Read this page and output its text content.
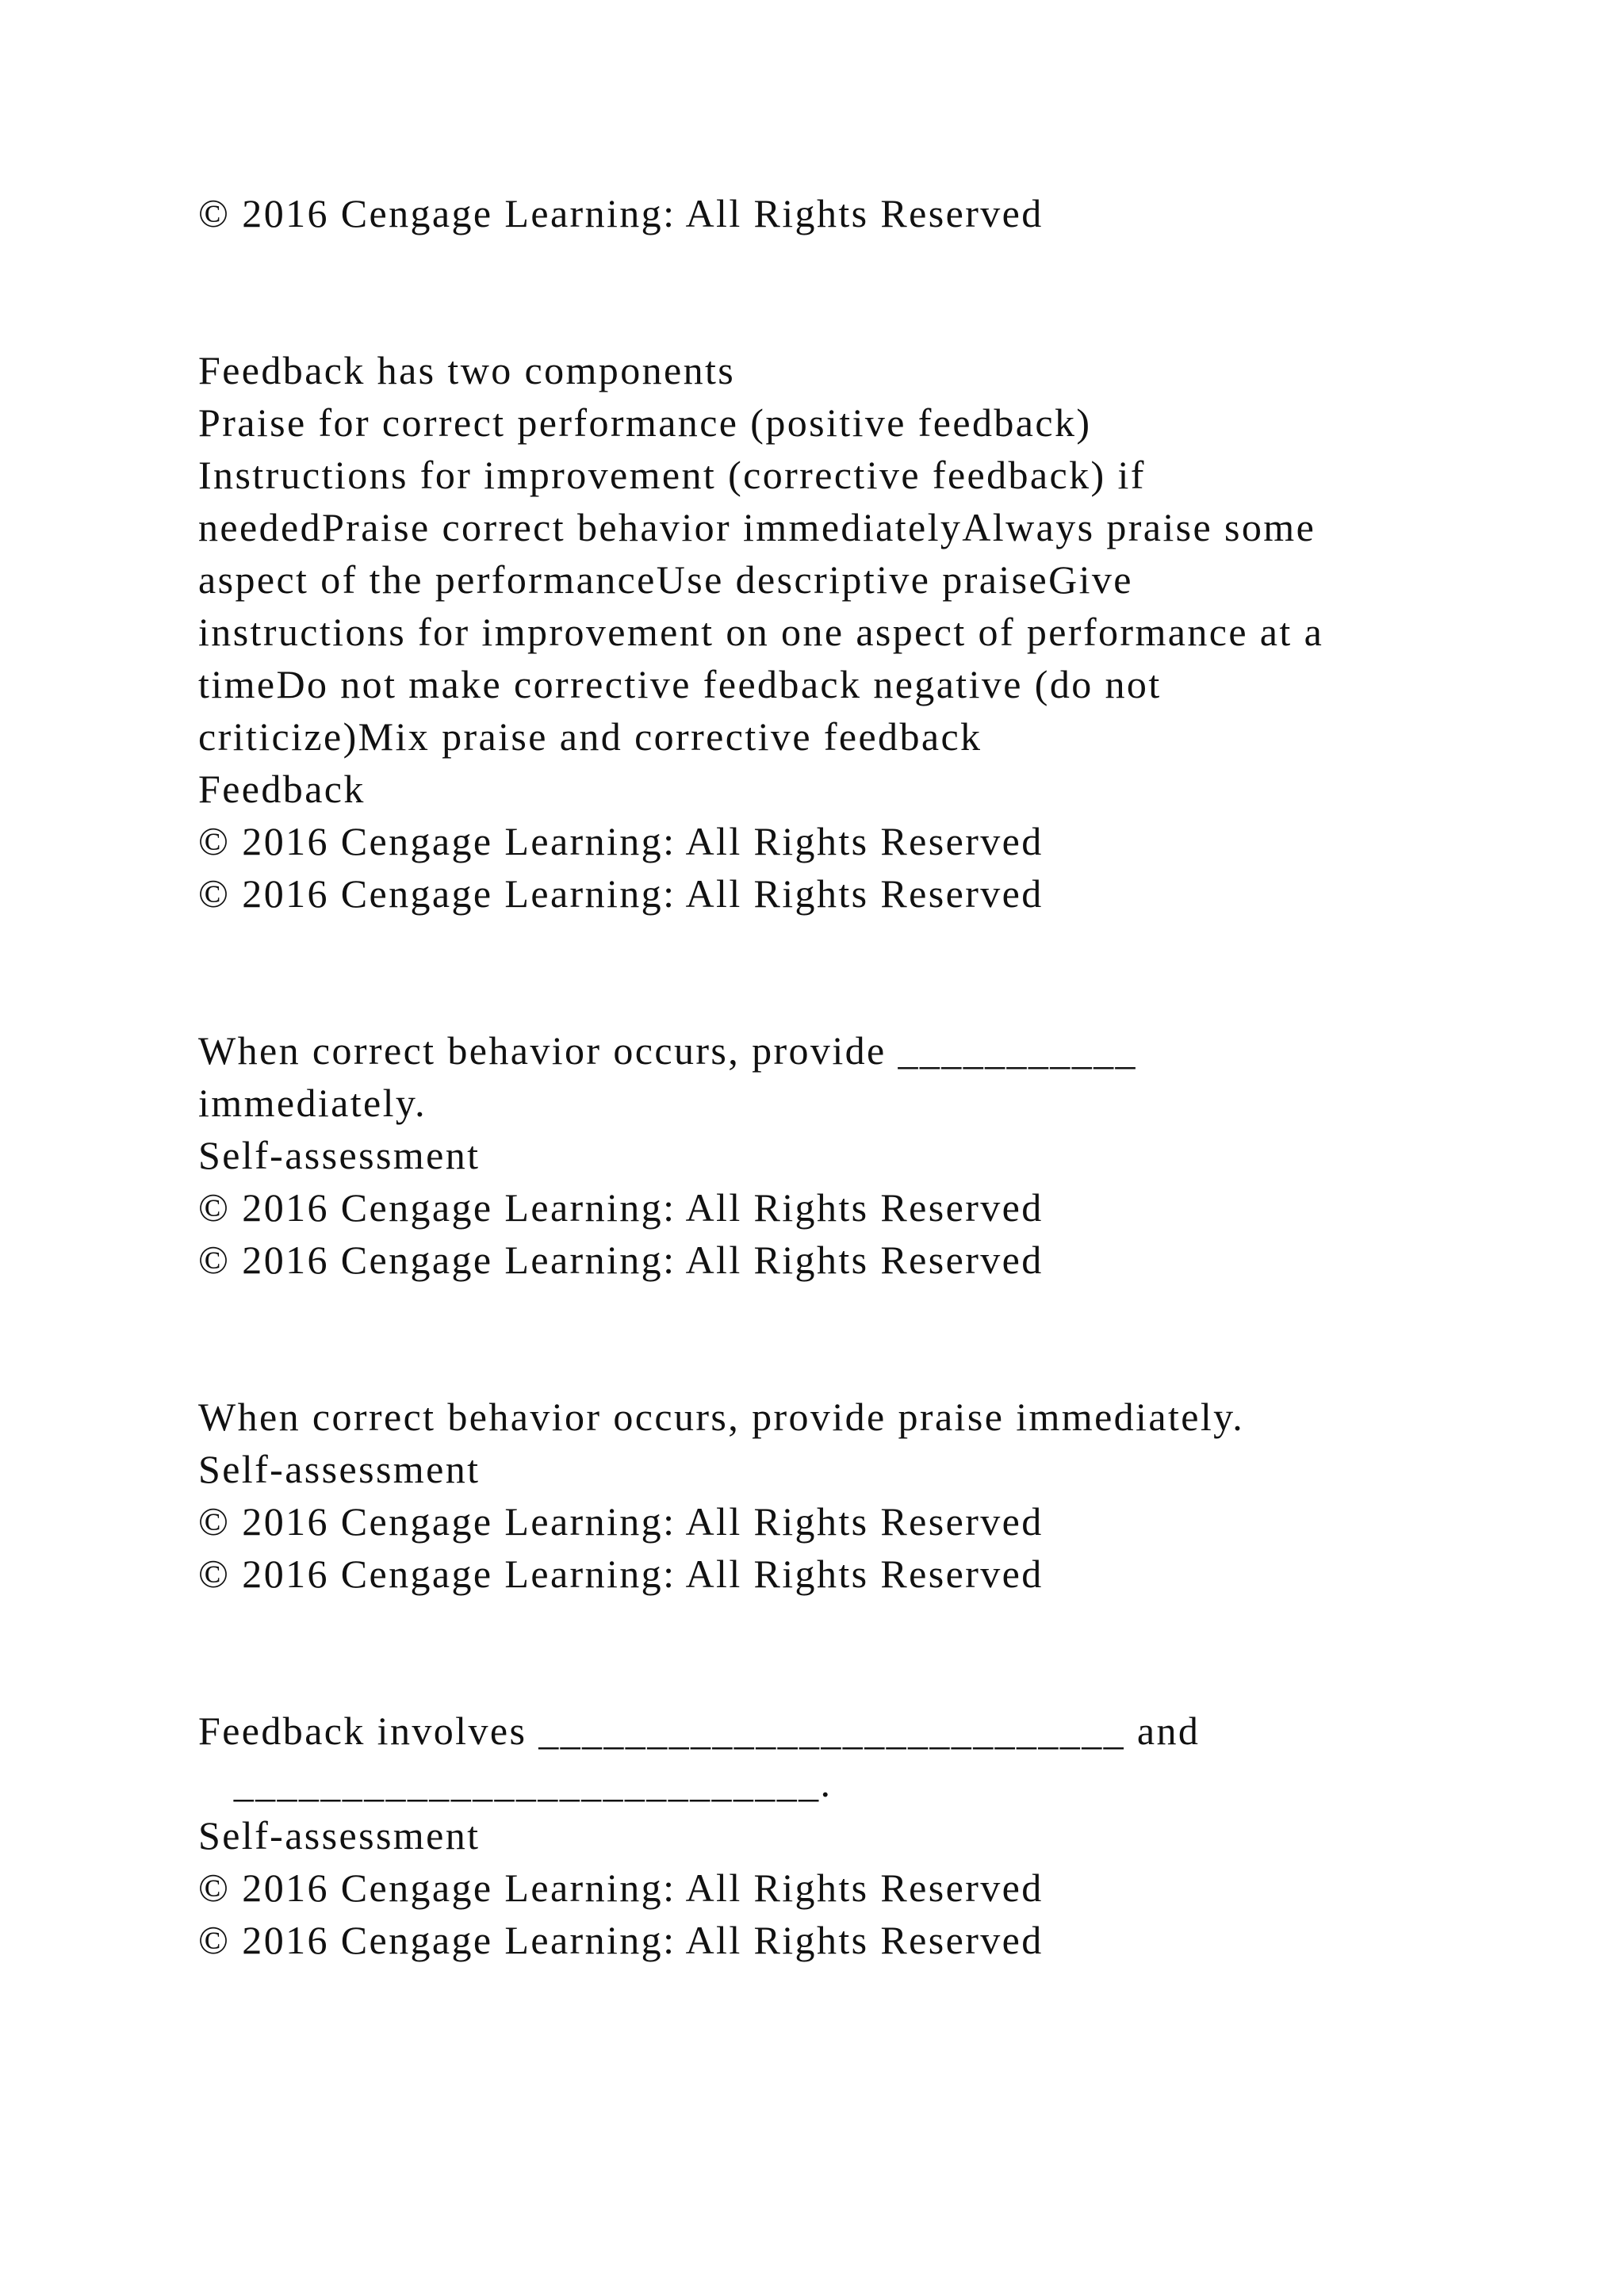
© 2016 Cengage Learning: All Rights Reserved

Feedback has two components
Praise for correct performance (positive feedback)
Instructions for improvement (corrective feedback) if
neededPraise correct behavior immediatelyAlways praise some
aspect of the performanceUse descriptive praiseGive
instructions for improvement on one aspect of performance at a
timeDo not make corrective feedback negative (do not
criticize)Mix praise and corrective feedback
Feedback
© 2016 Cengage Learning: All Rights Reserved
© 2016 Cengage Learning: All Rights Reserved

When correct behavior occurs, provide ___________
immediately.
Self-assessment
© 2016 Cengage Learning: All Rights Reserved
© 2016 Cengage Learning: All Rights Reserved

When correct behavior occurs, provide praise immediately.
Self-assessment
© 2016 Cengage Learning: All Rights Reserved
© 2016 Cengage Learning: All Rights Reserved

Feedback involves ___________________________ and
___________________________.
Self-assessment
© 2016 Cengage Learning: All Rights Reserved
© 2016 Cengage Learning: All Rights Reserved
